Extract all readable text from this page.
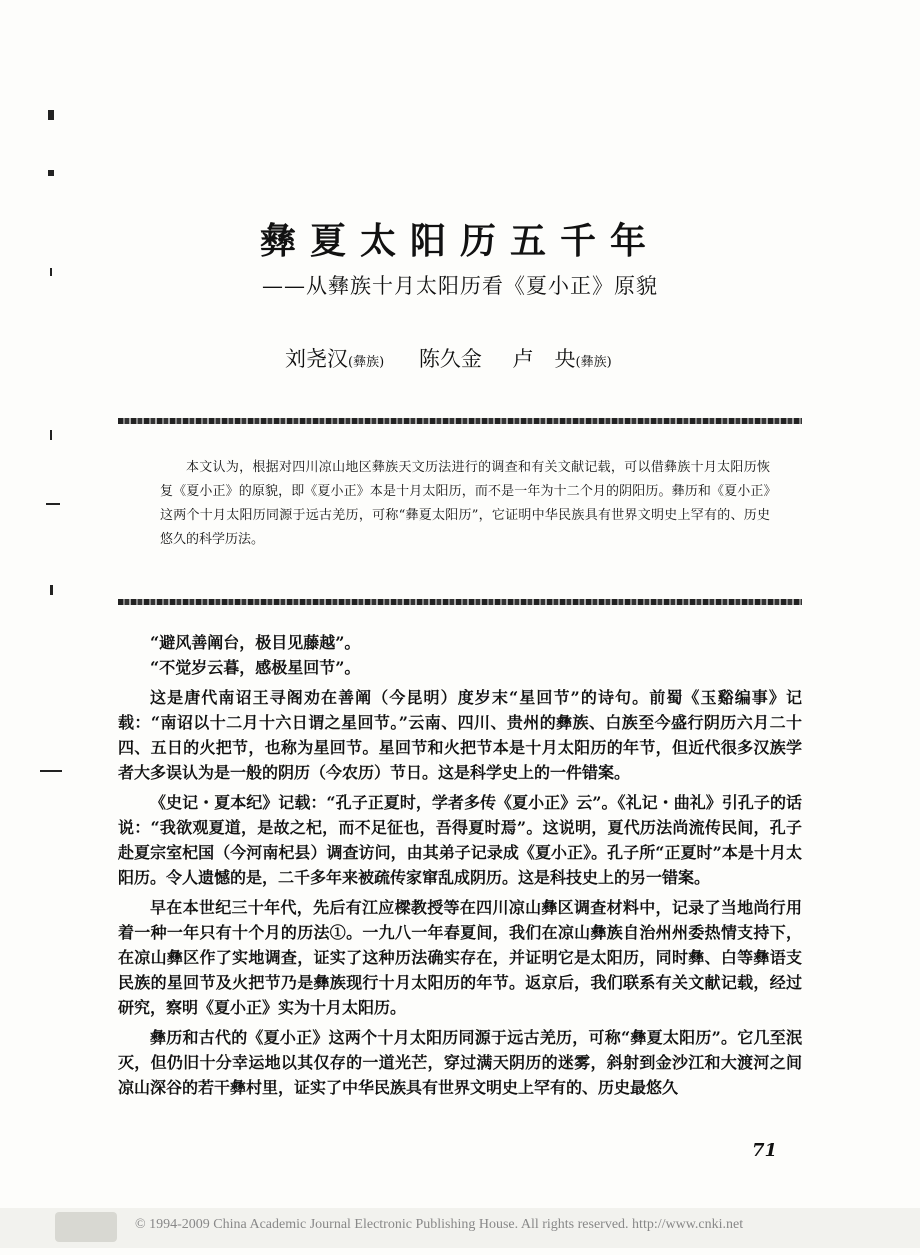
彝夏太阳历五千年
——从彝族十月太阳历看《夏小正》原貌
刘尧汉(彝族) 陈久金 卢　央(彝族)
本文认为，根据对四川凉山地区彝族天文历法进行的调查和有关文献记载，可以借彝族十月太阳历恢复《夏小正》的原貌，即《夏小正》本是十月太阳历，而不是一年为十二个月的阴阳历。彝历和《夏小正》这两个十月太阳历同源于远古羌历，可称“彝夏太阳历”，它证明中华民族具有世界文明史上罕有的、历史悠久的科学历法。

“避风善阐台，极目见藤越”。

“不觉岁云暮，感极星回节”。

这是唐代南诏王寻阁劝在善阐（今昆明）度岁末“星回节”的诗句。前蜀《玉谿编事》记载：“南诏以十二月十六日谓之星回节。”云南、四川、贵州的彝族、白族至今盛行阴历六月二十四、五日的火把节，也称为星回节。星回节和火把节本是十月太阳历的年节，但近代很多汉族学者大多误认为是一般的阴历（今农历）节日。这是科学史上的一件错案。

《史记・夏本纪》记载：“孔子正夏时，学者多传《夏小正》云”。《礼记・曲礼》引孔子的话说：“我欲观夏道，是故之杞，而不足征也，吾得夏时焉”。这说明，夏代历法尚流传民间，孔子赴夏宗室杞国（今河南杞县）调查访问，由其弟子记录成《夏小正》。孔子所“正夏时”本是十月太阳历。令人遗憾的是，二千多年来被疏传家窜乱成阴历。这是科技史上的另一错案。

早在本世纪三十年代，先后有江应樑教授等在四川凉山彝区调查材料中，记录了当地尚行用着一种一年只有十个月的历法①。一九八一年春夏间，我们在凉山彝族自治州州委热情支持下，在凉山彝区作了实地调查，证实了这种历法确实存在，并证明它是太阳历，同时彝、白等彝语支民族的星回节及火把节乃是彝族现行十月太阳历的年节。返京后，我们联系有关文献记载，经过研究，察明《夏小正》实为十月太阳历。

彝历和古代的《夏小正》这两个十月太阳历同源于远古羌历，可称“彝夏太阳历”。它几至泯灭，但仍旧十分幸运地以其仅存的一道光芒，穿过满天阴历的迷雾，斜射到金沙江和大渡河之间凉山深谷的若干彝村里，证实了中华民族具有世界文明史上罕有的、历史最悠久

71
© 1994-2009 China Academic Journal Electronic Publishing House. All rights reserved. http://www.cnki.net
